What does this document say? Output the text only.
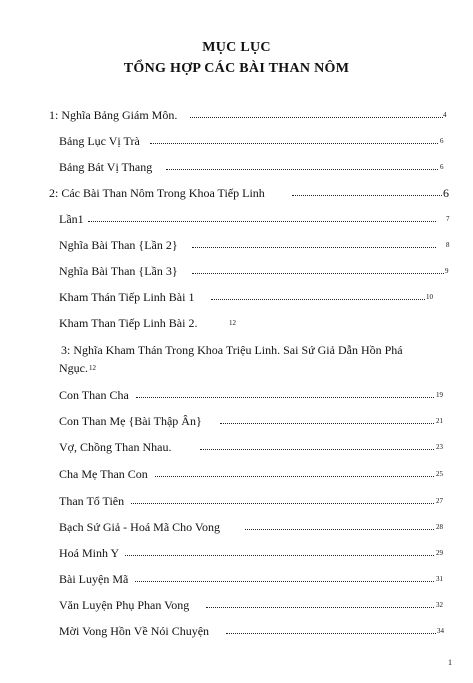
MỤC LỤC
TỔNG HỢP CÁC BÀI THAN NÔM
1: Nghĩa Bảng Giám Môn.	4
Bảng Lục Vị Trà	6
Bảng Bát Vị Thang	6
2: Các Bài Than Nôm Trong Khoa Tiếp Linh	6
Lần1	7
Nghĩa Bài Than {Lần 2}	8
Nghĩa Bài Than {Lần 3}	9
Kham Thán Tiếp Linh Bài 1	10
Kham Than Tiếp Linh Bài 2.	12
3: Nghĩa Kham Thán Trong Khoa Triệu Linh. Sai Sứ Giả Dẫn Hồn Phá
Ngục. 12
Con Than Cha	19
Con Than Mẹ {Bài Thập Ân}	21
Vợ, Chồng Than Nhau.	23
Cha Mẹ Than Con	25
Than Tổ Tiên	27
Bạch Sứ Giả - Hoá Mã Cho Vong	28
Hoá Minh Y	29
Bài Luyện Mã	31
Văn Luyện Phụ Phan Vong	32
Mời Vong Hồn Về Nói Chuyện	34
1
